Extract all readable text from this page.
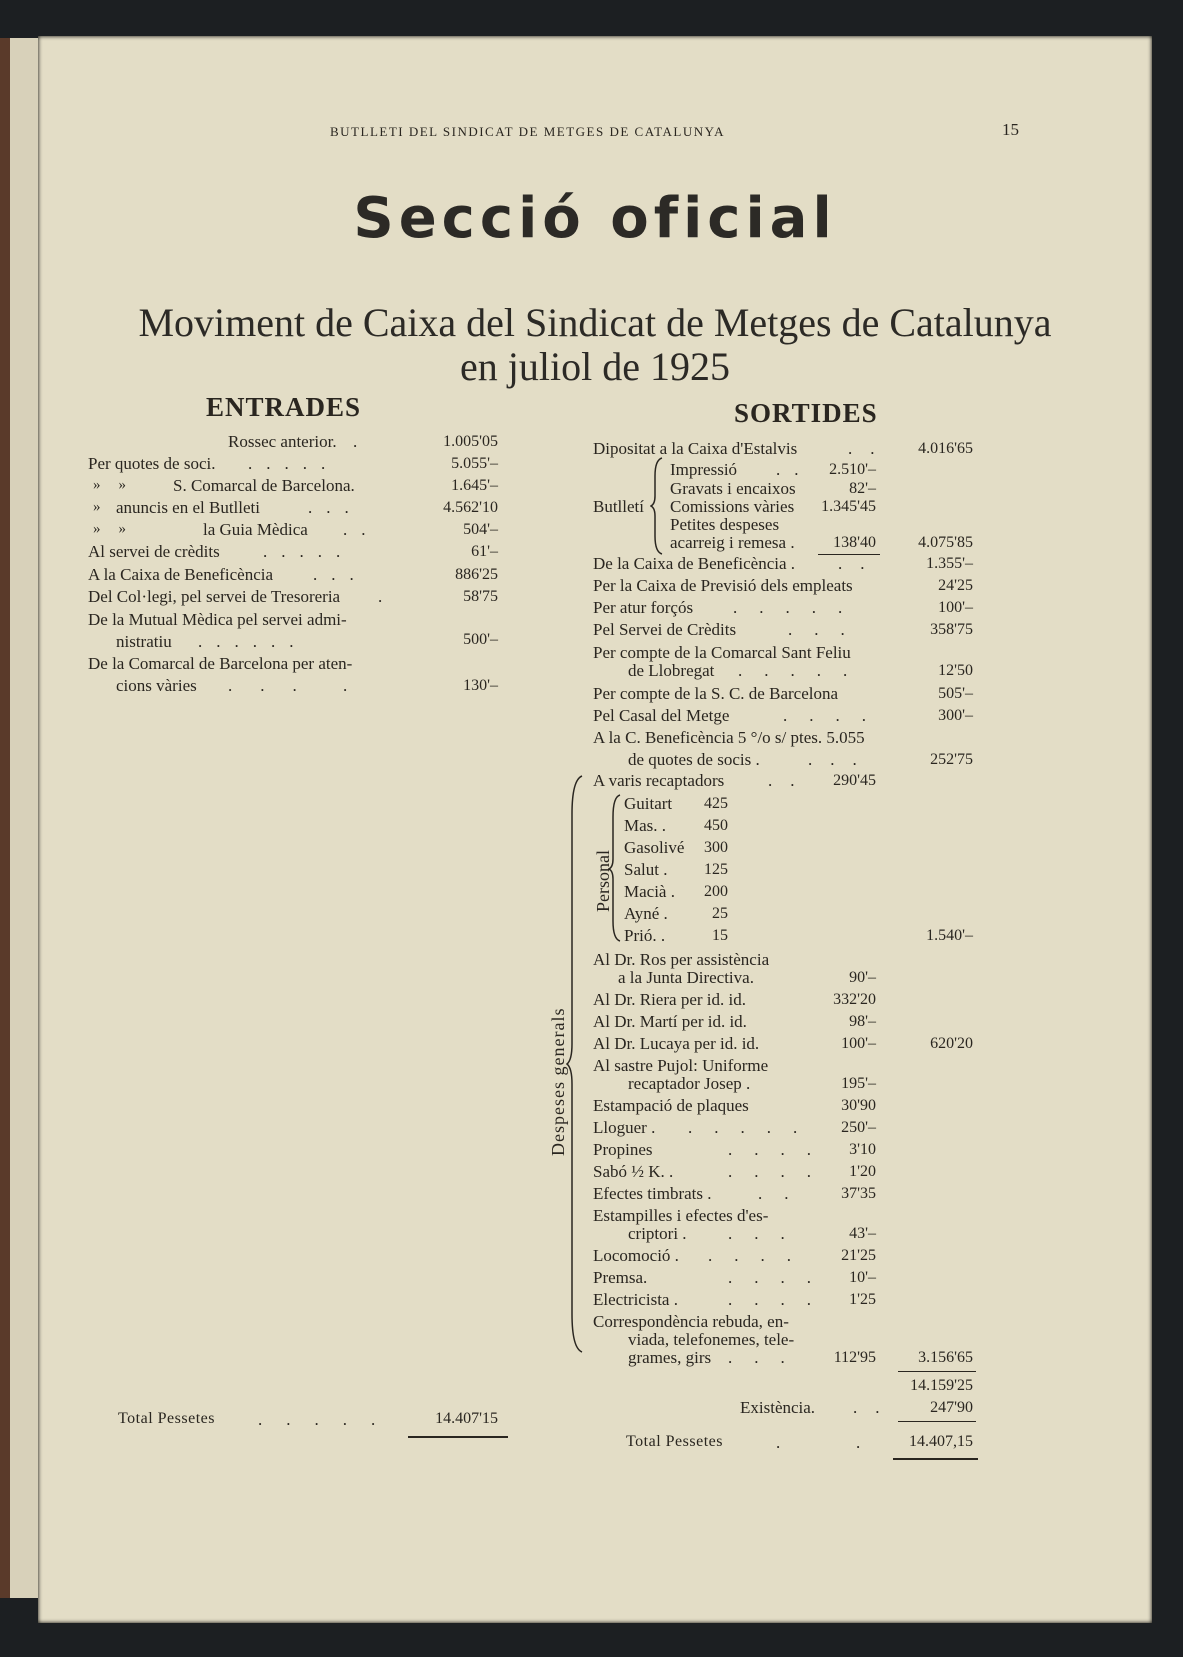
BUTLLETI DEL SINDICAT DE METGES DE CATALUNYA	15
Secció oficial
Moviment de Caixa del Sindicat de Metges de Catalunya
en juliol de 1925
ENTRADES
Rossec anterior. .	1.005'05
Per quotes de soci. .....	5.055'–
»» S. Comarcal de Barcelona.	1.645'–
» anuncis en el Butlleti	...	4.562'10
»»	la Guia Mèdica ..	504'–
Al servei de crèdits	.....	61'–
A la Caixa de Beneficència ...	886'25
Del Col·legi, pel servei de Tresoreria .	58'75
De la Mutual Mèdica pel servei admi-
nistratiu ......	500'–
De la Comarcal de Barcelona per aten-
cions vàries ... .	130'–
Total Pessetes	.....	14.407'15
SORTIDES
Dipositat a la Caixa d'Estalvis	..	4.016'65
Butlletí
Impressió ..	2.510'–
Gravats i encaixos	82'–
Comissions vàries	1.345'45
Petites despeses
acarreig i remesa .	138'40	4.075'85
De la Caixa de Beneficència .	..	1.355'–
Per la Caixa de Previsió dels empleats	24'25
Per atur forçós .....	100'–
Pel Servei de Crèdits	...	358'75
Per compte de la Comarcal Sant Feliu
de Llobregat .....	12'50
Per compte de la S. C. de Barcelona	505'–
Pel Casal del Metge	....	300'–
A la C. Beneficència 5 °/o s/ ptes. 5.055
de quotes de socis .	...	252'75
Despeses generals
A varis recaptadors	..	290'45
Personal
Guitart	425
Mas. .	450
Gasolivé	300
Salut .	125
Macià .	200
Ayné .	25
Prió. .	15	1.540'–
Al Dr. Ros per assistència
a la Junta Directiva.	90'–
Al Dr. Riera per id. id.	332'20
Al Dr. Martí per id. id.	98'–
Al Dr. Lucaya per id. id.	100'–	620'20
Al sastre Pujol: Uniforme
recaptador Josep .	195'–
Estampació de plaques	30'90
Lloguer . .....	250'–
Propines	....	3'10
Sabó ½ K. .	....	1'20
Efectes timbrats .	..	37'35
Estampilles i efectes d'es-
criptori . ...	43'–
Locomoció . ....	21'25
Premsa.	....	10'–
Electricista .	....	1'25
Correspondència rebuda, en-
viada, telefonemes, tele-
grames, girs ...	112'95	3.156'65
14.159'25
Existència. ..	247'90
Total Pessetes	.	.	14.407,15
